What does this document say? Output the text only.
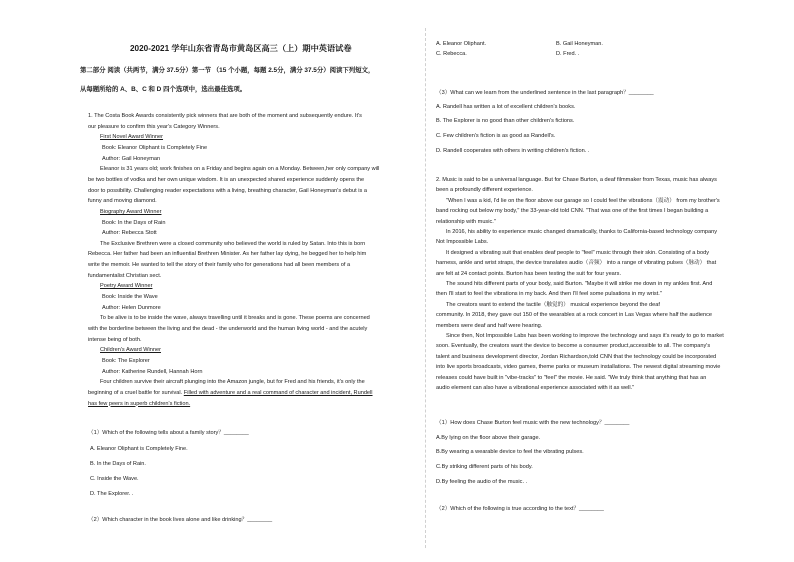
2020-2021 学年山东省青岛市黄岛区高三（上）期中英语试卷
第二部分 阅读（共两节，满分 37.5分）第一节 （15 个小题，每题 2.5分，满分 37.5分）阅读下列短文，
从每题所给的 A、B、C 和 D 四个选项中，选出最佳选项。
1. The Costa Book Awards consistently pick winners that are both of the moment and subsequently endure. It's
our pleasure to confirm this year's Category Winners.
First Novel Award Winner
Book: Eleanor Oliphant is Completely Fine
Author: Gail Honeyman
Eleanor is 31 years old; work finishes on a Friday and begins again on a Monday. Between,her only company will
be two bottles of vodka and her own unique wisdom. It is an unexpected shared experience suddenly opens the
door to possibility. Challenging reader expectations with a living, breathing character, Gail Honeyman's debut is a
funny and moving diamond.
Biography Award Winner
Book: In the Days of Rain
Author: Rebecca Stott
The Exclusive Brethren were a closed community who believed the world is ruled by Satan. Into this is born
Rebecca. Her father had been an influential Brethren Minister. As her father lay dying, he begged her to help him
write the memoir. He wanted to tell the story of their family who for generations had all been members of a
fundamentalist Christian sect.
Poetry Award Winner
Book: Inside the Wave
Author: Helen Dunmore
To be alive is to be inside the wave, always travelling until it breaks and is gone. These poems are concerned
with the borderline between the living and the dead - the underworld and the human living world - and the acutely
intense being of both.
Children's Award Winner
Book: The Explorer
Author: Katherine Rundell, Hannah Horn
Four children survive their aircraft plunging into the Amazon jungle, but for Fred and his friends, it's only the
beginning of a cruel battle for survival. Filled with adventure and a real command of character and incident, Rundell
has few peers in superb children's fiction.
（1）Which of the following tells about a family story？________
A. Eleanor Oliphant is Completely Fine.
B. In the Days of Rain.
C. Inside the Wave.
D. The Explorer. .
（2）Which character in the book lives alone and like drinking？________
A. Eleanor Oliphant.	B. Gail Honeyman.
C. Rebecca.	D. Fred. .
（3）What can we learn from the underlined sentence in the last paragraph？________
A. Randell has written a lot of excellent children's books.
B. The Explorer is no good than other children's fictions.
C. Few children's fiction is as good as Randell's.
D. Randell cooperates with others in writing children's fiction. .
2. Music is said to be a universal language. But for Chase Burton, a deaf filmmaker from Texas, music has always
been a profoundly different experience.
"When I was a kid, I'd lie on the floor above our garage so I could feel the vibrations（震动） from my brother's
band rocking out below my body," the 33-year-old told CNN. "That was one of the first times I began building a
relationship with music."
In 2016, his ability to experience music changed dramatically, thanks to California-based technology company
Not Impossible Labs.
It designed a vibrating suit that enables deaf people to "feel" music through their skin. Consisting of a body
harness, ankle and wrist straps, the device translates audio（音频） into a range of vibrating pulses（脉动） that
are felt at 24 contact points. Burton has been testing the suit for four years.
The sound hits different parts of your body, said Burton. "Maybe it will strike me down in my ankles first. And
then I'll start to feel the vibrations in my back. And then I'll feel some pulsations in my wrist."
The creators want to extend the tactile（触觉的） musical experience beyond the deaf
community. In 2018, they gave out 150 of the wearables at a rock concert in Las Vegas where half the audience
members were deaf and half were hearing.
Since then, Not Impossible Labs has been working to improve the technology and says it's ready to go to market
soon. Eventually, the creators want the device to become a consumer product,accessible to all. The company's
talent and business development director, Jordan Richardson,told CNN that the technology could be incorporated
into live sports broadcasts, video games, theme parks or museum installations. The newest digital streaming movie
releases could have built in "vibe-tracks" to "feel" the movie. He said. "We truly think that anything that has an
audio element can also have a vibrational experience associated with it as well."
（1）How does Chase Burton feel music with the new technology？________
A.By lying on the floor above their garage.
B.By wearing a wearable device to feel the vibrating pulses.
C.By striking different parts of his body.
D.By feeling the audio of the music. .
（2）Which of the following is true according to the text？________
